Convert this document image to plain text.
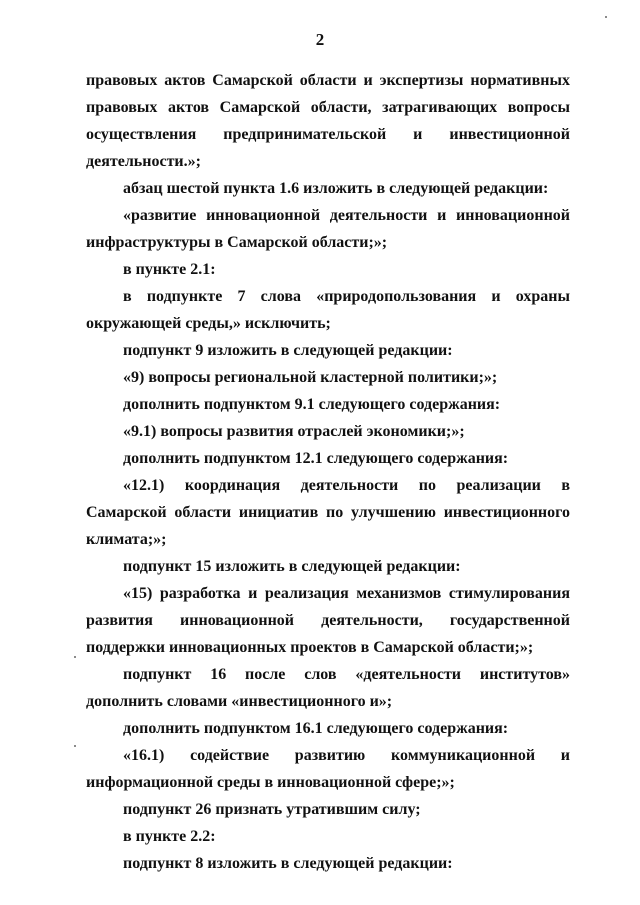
2

правовых актов Самарской области и экспертизы нормативных правовых актов Самарской области, затрагивающих вопросы осуществления предпринимательской и инвестиционной деятельности.»;

абзац шестой пункта 1.6 изложить в следующей редакции:

«развитие инновационной деятельности и инновационной инфраструктуры в Самарской области;»;

в пункте 2.1:

в подпункте 7 слова «природопользования и охраны окружающей среды,» исключить;

подпункт 9 изложить в следующей редакции:

«9) вопросы региональной кластерной политики;»;

дополнить подпунктом 9.1 следующего содержания:

«9.1) вопросы развития отраслей экономики;»;

дополнить подпунктом 12.1 следующего содержания:

«12.1) координация деятельности по реализации в Самарской области инициатив по улучшению инвестиционного климата;»;

подпункт 15 изложить в следующей редакции:

«15) разработка и реализация механизмов стимулирования развития инновационной деятельности, государственной поддержки инновационных проектов в Самарской области;»;

подпункт 16 после слов «деятельности институтов» дополнить словами «инвестиционного и»;

дополнить подпунктом 16.1 следующего содержания:

«16.1) содействие развитию коммуникационной и информационной среды в инновационной сфере;»;

подпункт 26 признать утратившим силу;

в пункте 2.2:

подпункт 8 изложить в следующей редакции:
